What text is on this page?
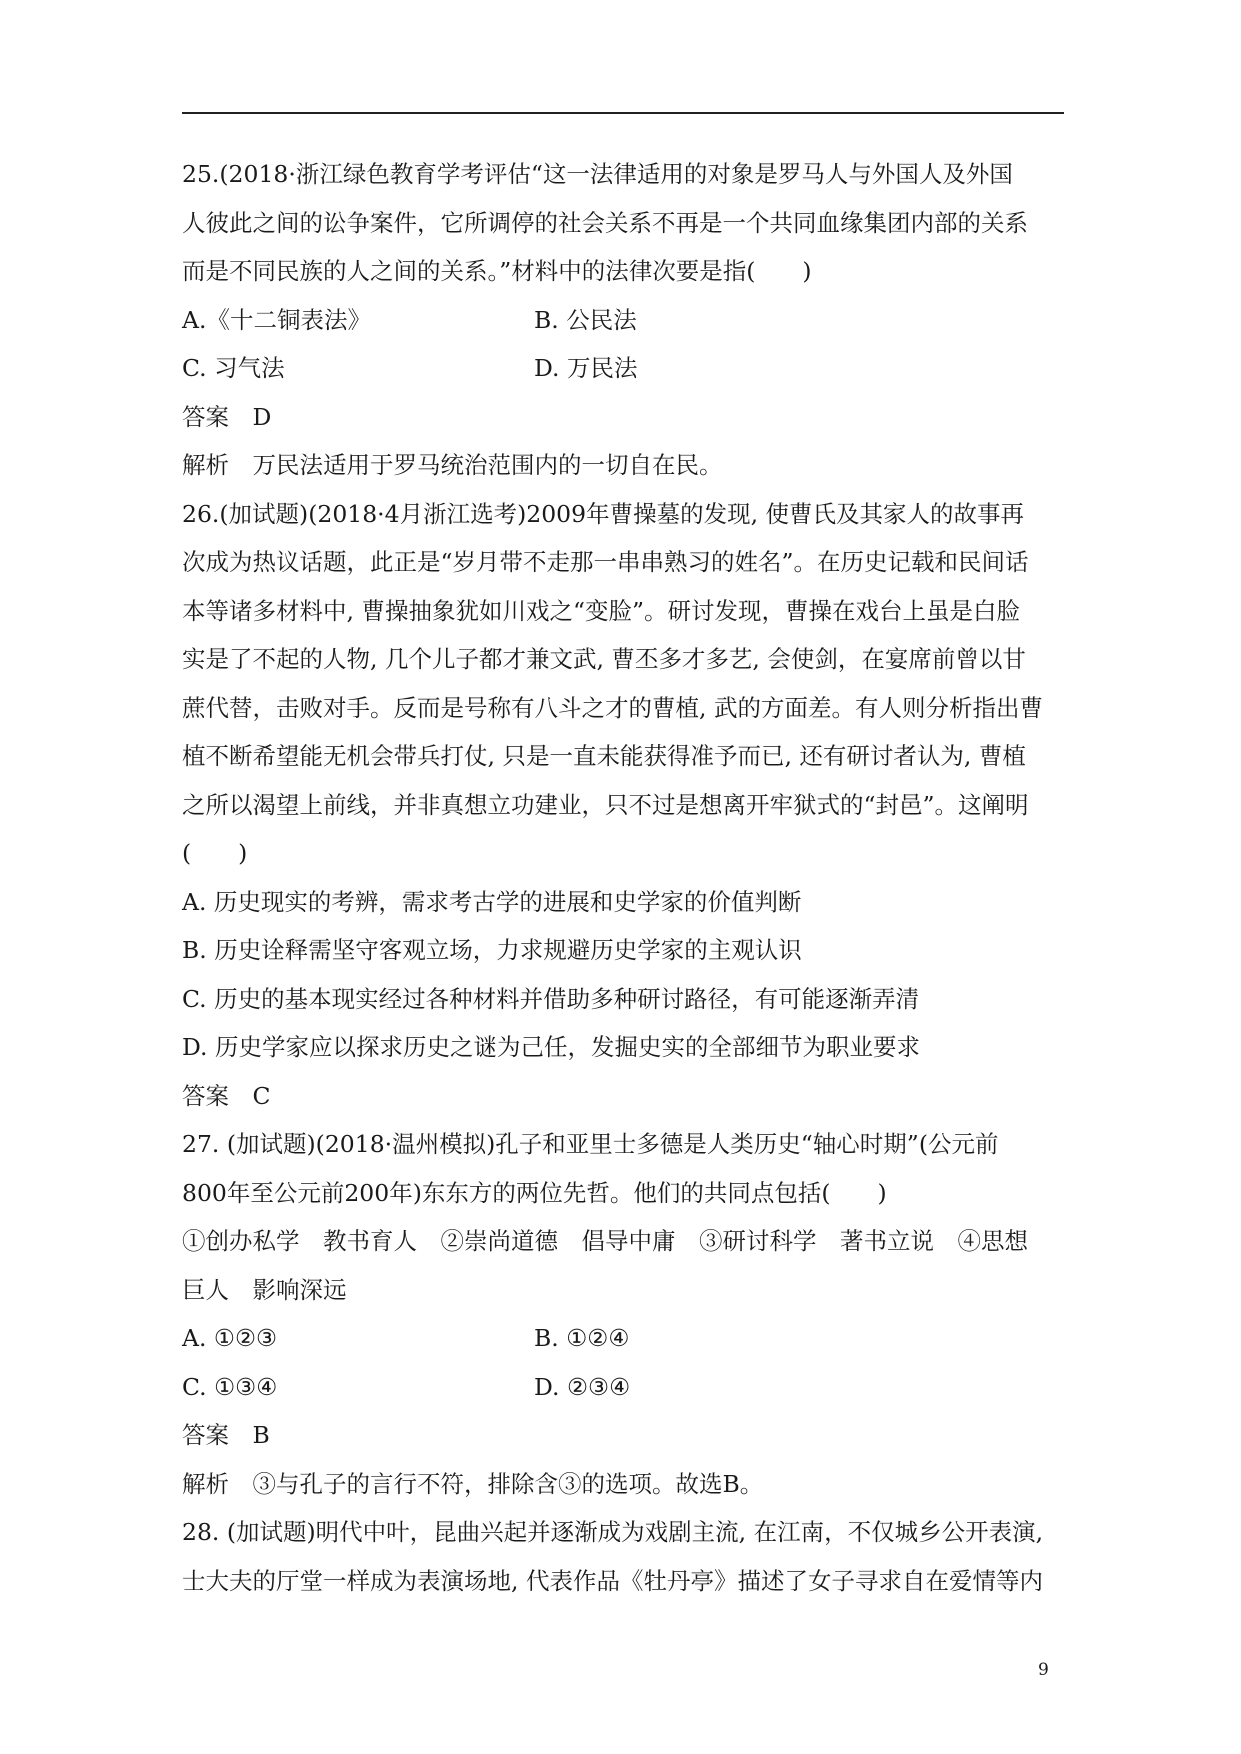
25.(2018·浙江绿色教育学考评估“这一法律适用的对象是罗马人与外国人及外国
人彼此之间的讼争案件，它所调停的社会关系不再是一个共同血缘集团内部的关系
而是不同民族的人之间的关系。”材料中的法律次要是指(　　)
A.《十二铜表法》	B. 公民法
C. 习气法	D. 万民法
答案　D
解析　万民法适用于罗马统治范围内的一切自在民。
26.(加试题)(2018·4月浙江选考)2009年曹操墓的发现, 使曹氏及其家人的故事再
次成为热议话题，此正是“岁月带不走那一串串熟习的姓名”。在历史记载和民间话
本等诸多材料中, 曹操抽象犹如川戏之“变脸”。研讨发现，曹操在戏台上虽是白脸
实是了不起的人物, 几个儿子都才兼文武, 曹丕多才多艺, 会使剑，在宴席前曾以甘
蔗代替，击败对手。反而是号称有八斗之才的曹植, 武的方面差。有人则分析指出曹
植不断希望能无机会带兵打仗, 只是一直未能获得准予而已, 还有研讨者认为, 曹植
之所以渴望上前线，并非真想立功建业，只不过是想离开牢狱式的“封邑”。这阐明
(　　)
A. 历史现实的考辨，需求考古学的进展和史学家的价值判断
B. 历史诠释需坚守客观立场，力求规避历史学家的主观认识
C. 历史的基本现实经过各种材料并借助多种研讨路径，有可能逐渐弄清
D. 历史学家应以探求历史之谜为己任，发掘史实的全部细节为职业要求
答案　C
27. (加试题)(2018·温州模拟)孔子和亚里士多德是人类历史“轴心时期”(公元前
800年至公元前200年)东东方的两位先哲。他们的共同点包括(　　)
①创办私学　教书育人　②崇尚道德　倡导中庸　③研讨科学　著书立说　④思想
巨人　影响深远
A. ①②③	B. ①②④
C. ①③④	D. ②③④
答案　B
解析　③与孔子的言行不符，排除含③的选项。故选B。
28. (加试题)明代中叶，昆曲兴起并逐渐成为戏剧主流, 在江南，不仅城乡公开表演,
士大夫的厅堂一样成为表演场地, 代表作品《牡丹亭》描述了女子寻求自在爱情等内
9
